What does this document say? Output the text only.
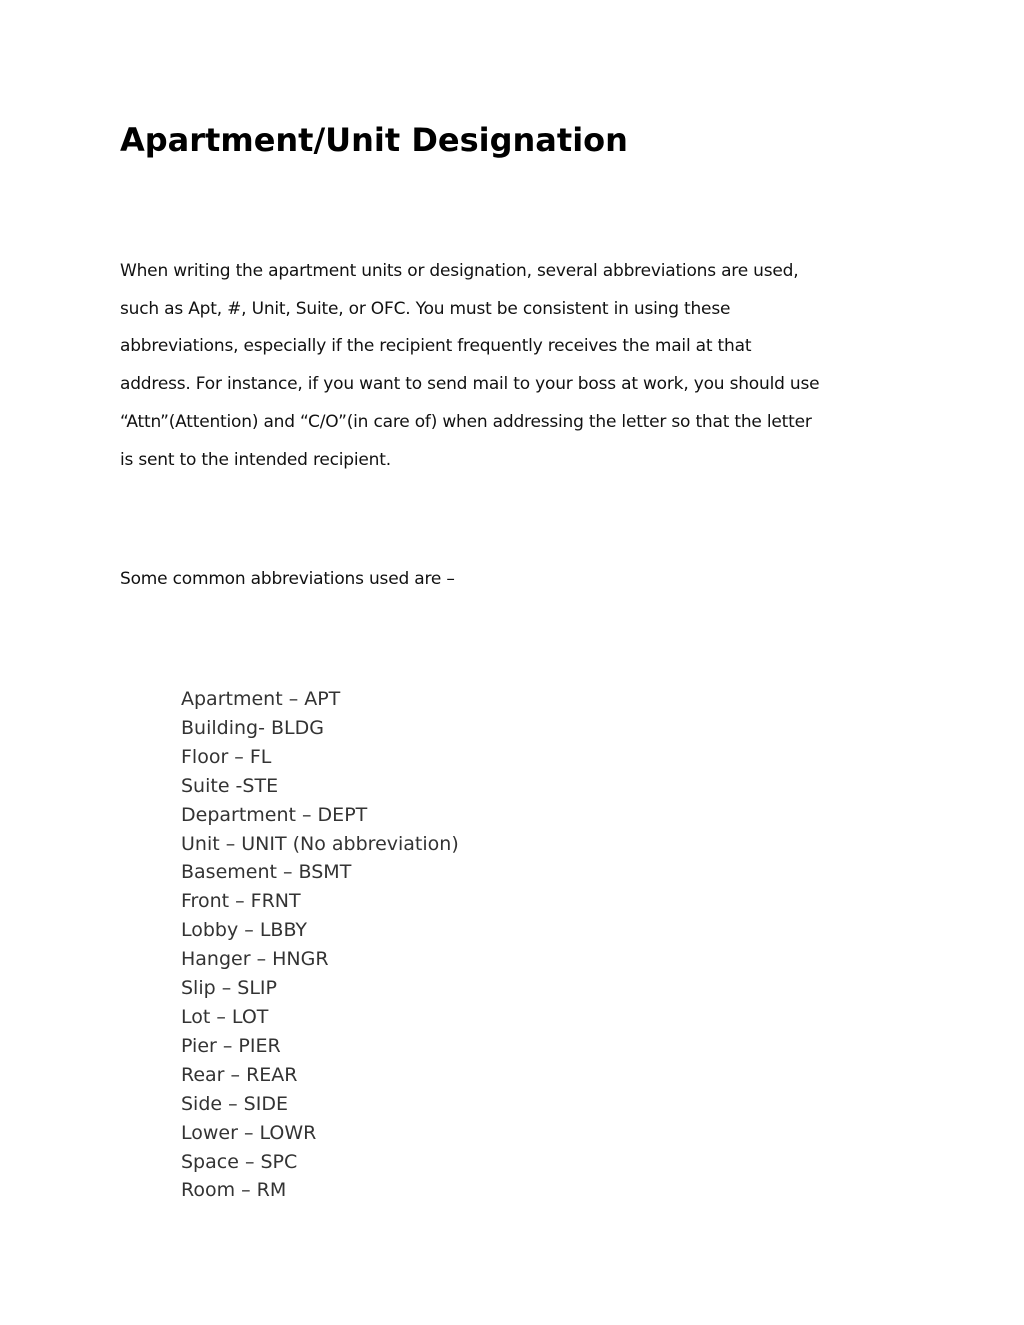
Apartment/Unit Designation

When writing the apartment units or designation, several abbreviations are used,
such as Apt, #, Unit, Suite, or OFC. You must be consistent in using these
abbreviations, especially if the recipient frequently receives the mail at that
address. For instance, if you want to send mail to your boss at work, you should use
“Attn”(Attention) and “C/O”(in care of) when addressing the letter so that the letter
is sent to the intended recipient.

Some common abbreviations used are –

Apartment – APT
Building- BLDG
Floor – FL
Suite -STE
Department – DEPT
Unit – UNIT (No abbreviation)
Basement – BSMT
Front – FRNT
Lobby – LBBY
Hanger – HNGR
Slip – SLIP
Lot – LOT
Pier – PIER
Rear – REAR
Side – SIDE
Lower – LOWR
Space – SPC
Room – RM
